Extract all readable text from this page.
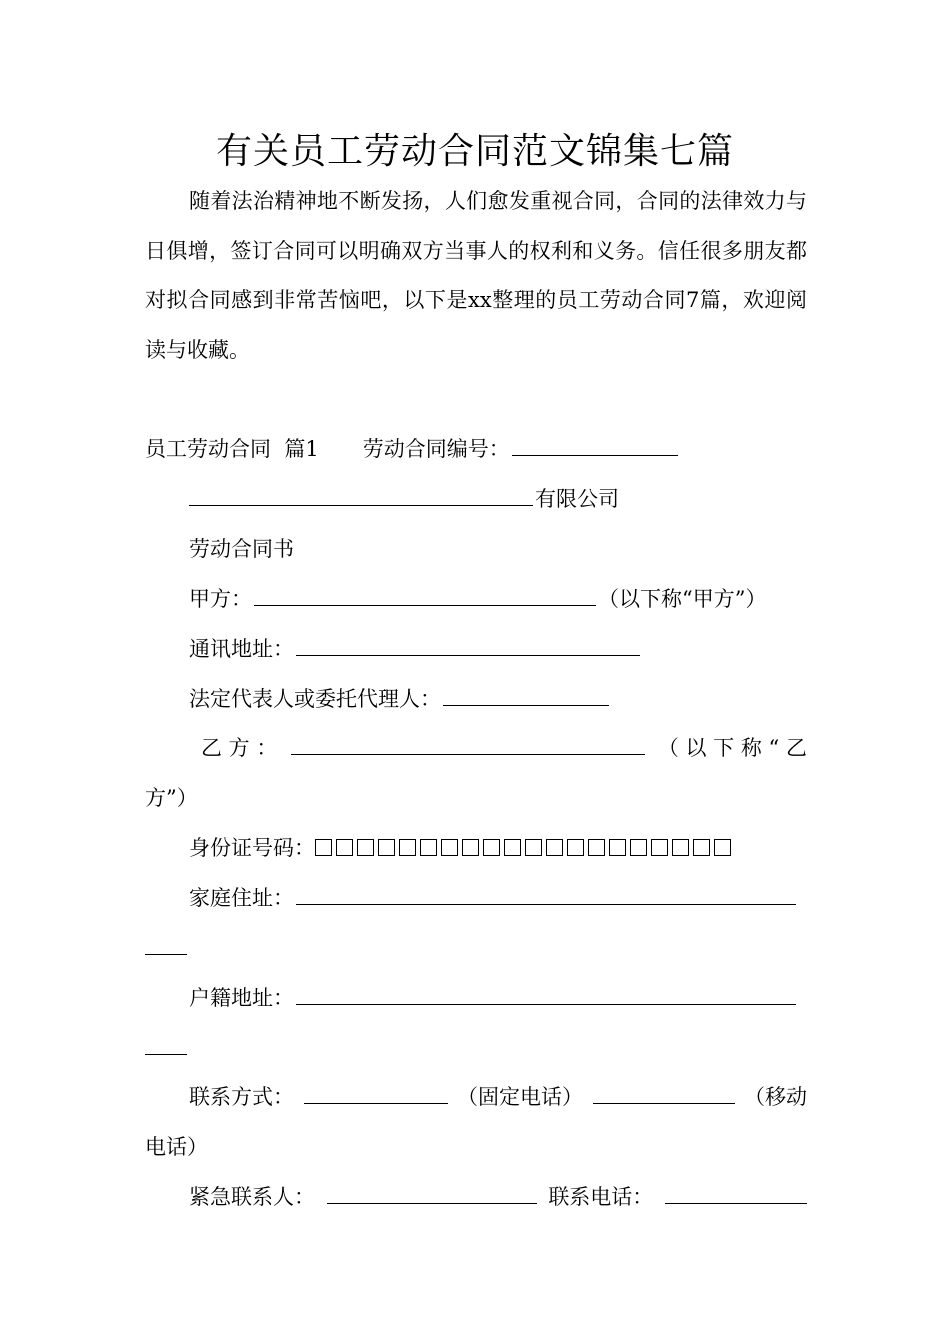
有关员工劳动合同范文锦集七篇

随着法治精神地不断发扬，人们愈发重视合同，合同的法律效力与日俱增，签订合同可以明确双方当事人的权利和义务。信任很多朋友都对拟合同感到非常苦恼吧，以下是xx整理的员工劳动合同7篇，欢迎阅读与收藏。

员工劳动合同  篇1 劳动合同编号：
有限公司
劳动合同书
甲方：	（以下称“甲方”）
通讯地址：
法定代表人或委托代理人：
乙 方 ：	（ 以 下 称 “ 乙
方”）
身份证号码：
家庭住址：
户籍地址：
联系方式：	（固定电话）	（移动
电话）
紧急联系人：	联系电话：
